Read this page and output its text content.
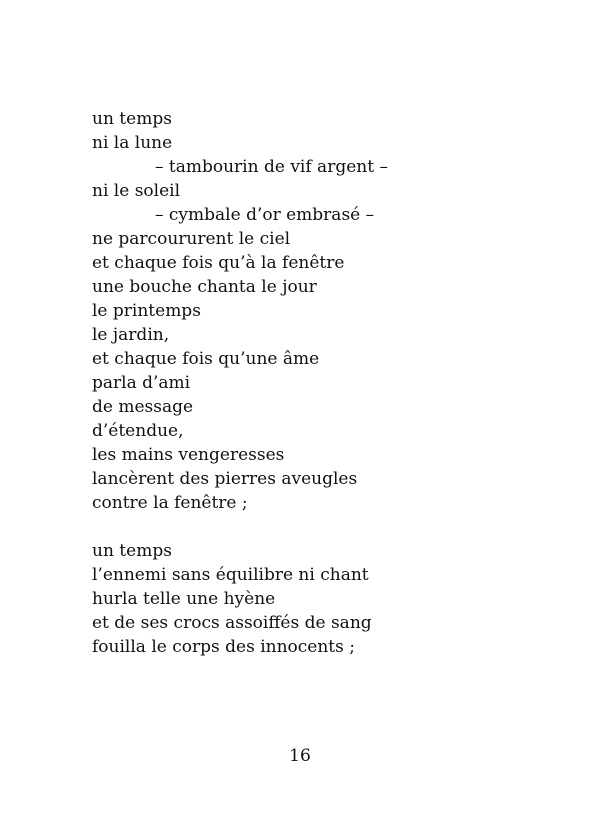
un temps
ni la lune
– tambourin de vif argent –
ni le soleil
– cymbale d’or embrasé –
ne parcoururent le ciel
et chaque fois qu’à la fenêtre
une bouche chanta le jour
le printemps
le jardin,
et chaque fois qu’une âme
parla d’ami
de message
d’étendue,
les mains vengeresses
lancèrent des pierres aveugles
contre la fenêtre ;
un temps
l’ennemi sans équilibre ni chant
hurla telle une hyène
et de ses crocs assoiffés de sang
fouilla le corps des innocents ;
16
